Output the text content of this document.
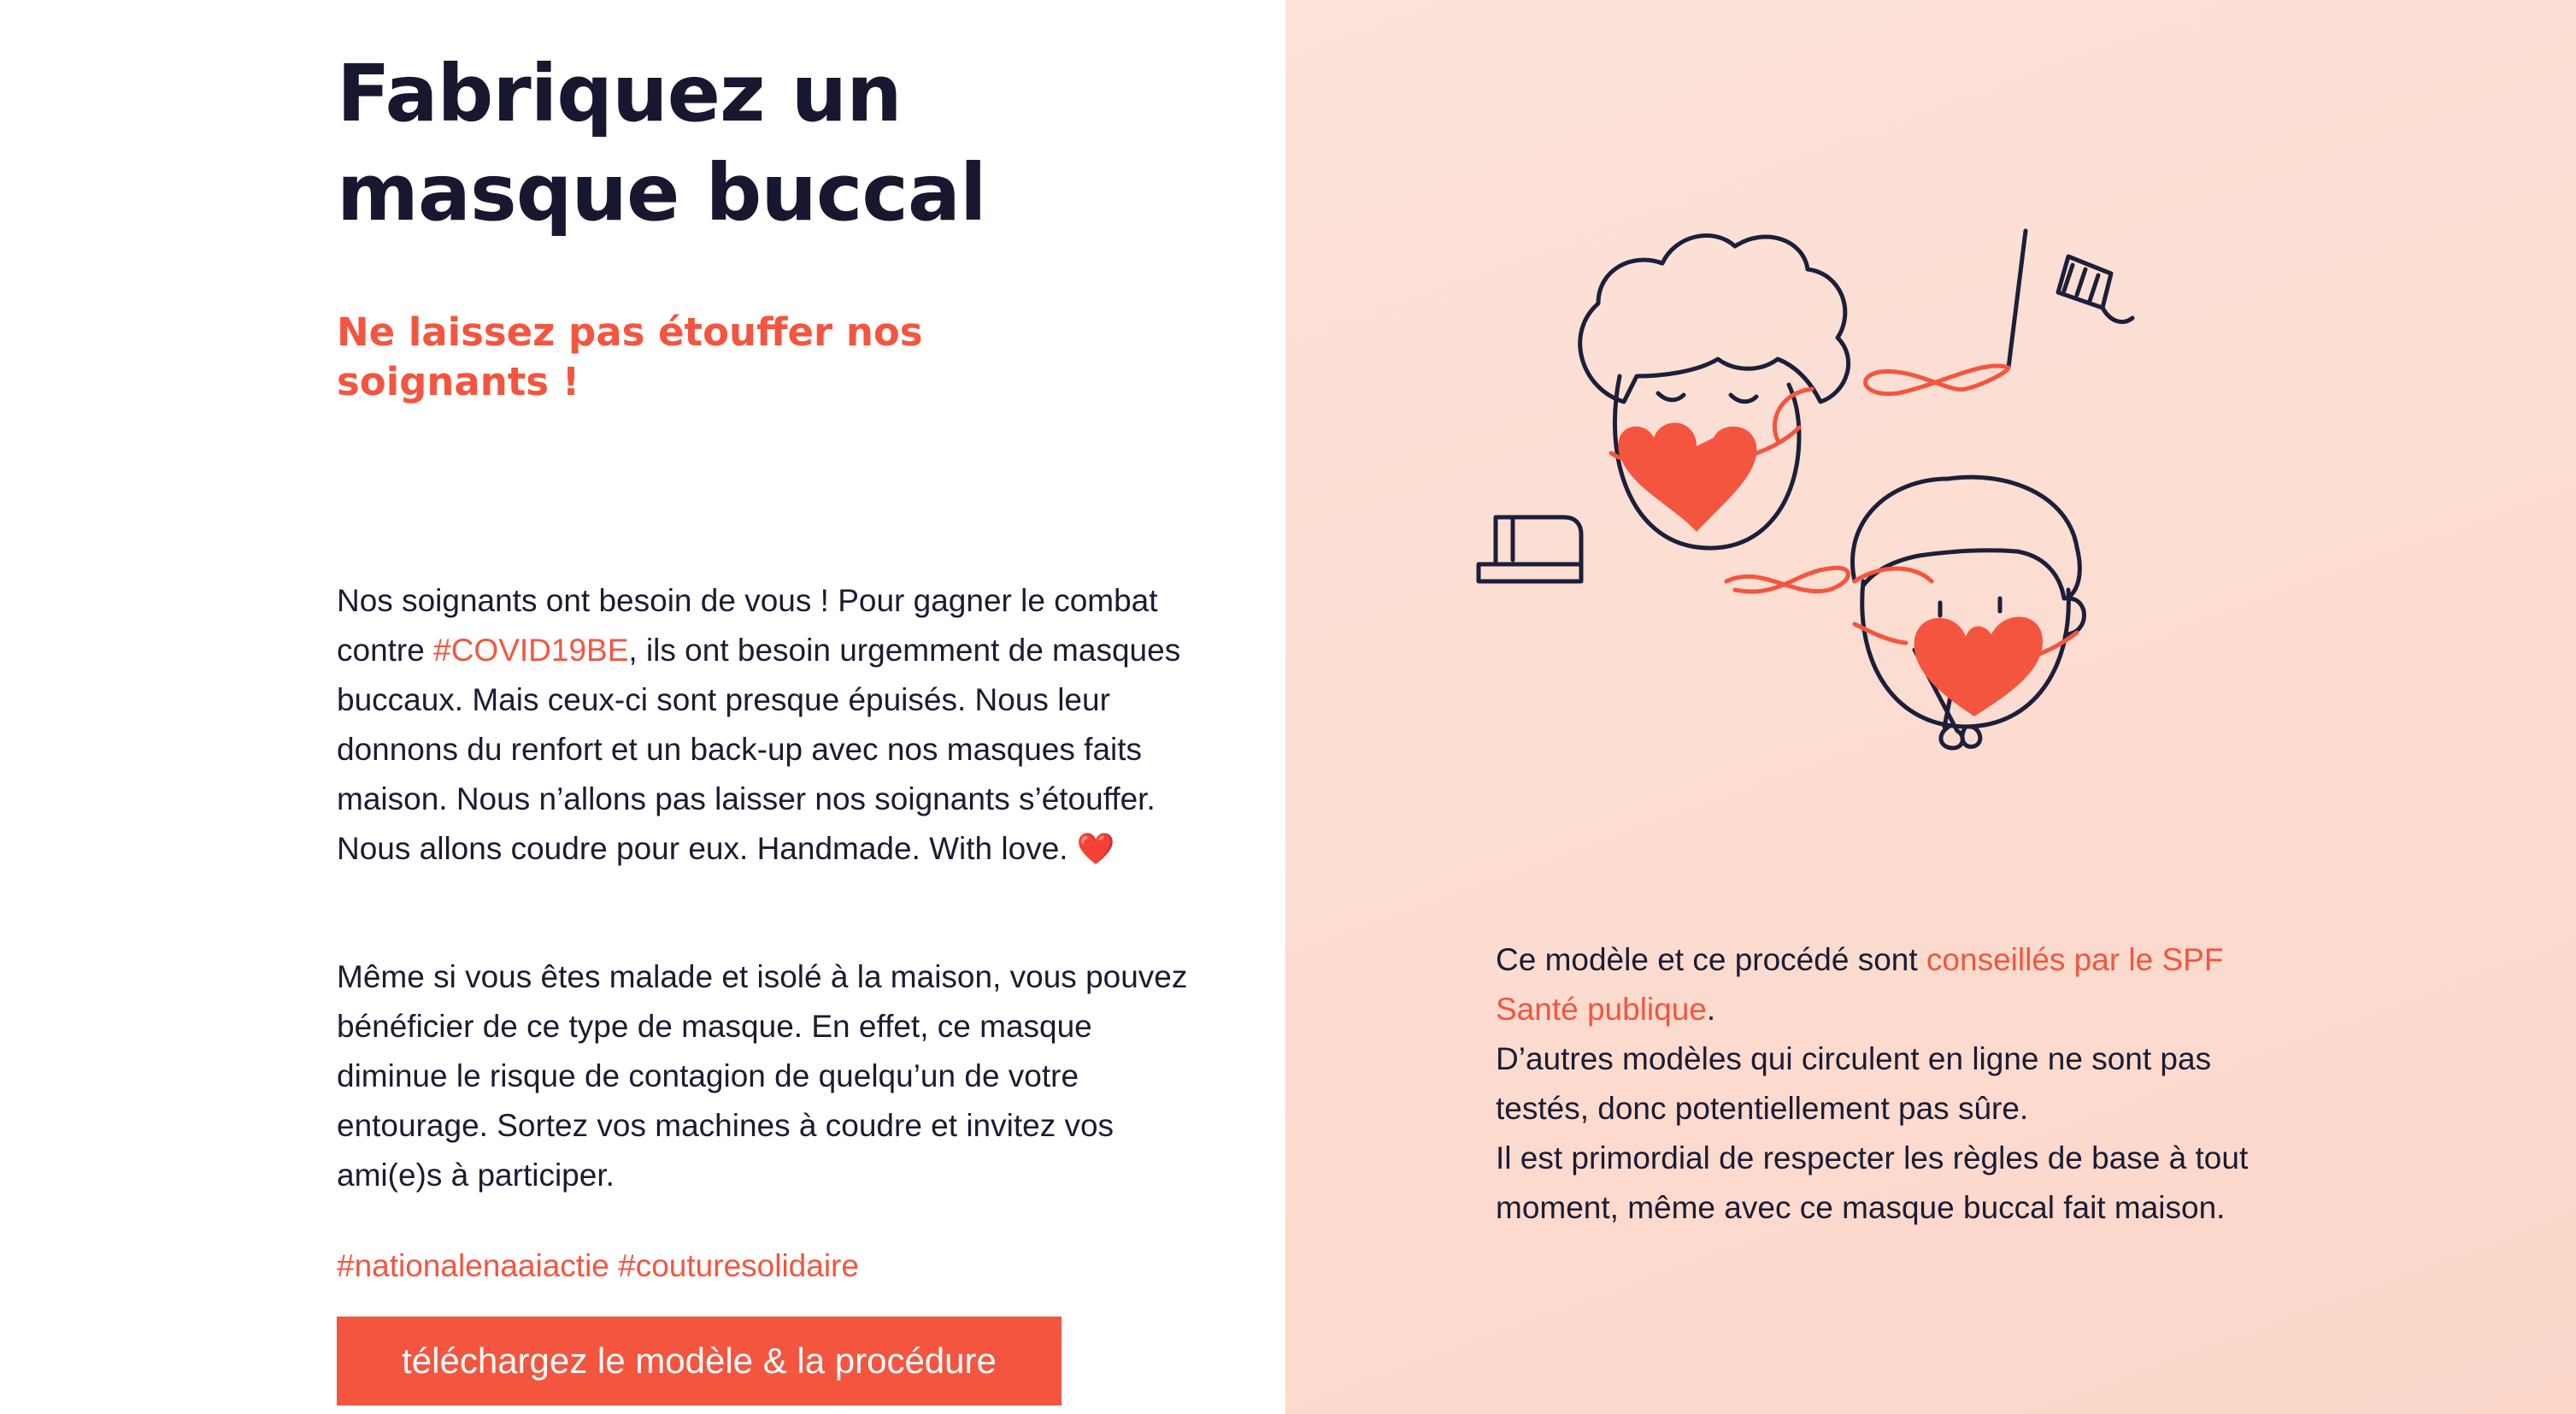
Fabriquez un masque buccal
Ne laissez pas étouffer nos soignants !

Nos soignants ont besoin de vous ! Pour gagner le combat contre #COVID19BE, ils ont besoin urgemment de masques buccaux. Mais ceux-ci sont presque épuisés. Nous leur donnons du renfort et un back-up avec nos masques faits maison. Nous n’allons pas laisser nos soignants s’étouffer. Nous allons coudre pour eux. Handmade. With love. ❤️

Même si vous êtes malade et isolé à la maison, vous pouvez bénéficier de ce type de masque. En effet, ce masque diminue le risque de contagion de quelqu’un de votre entourage. Sortez vos machines à coudre et invitez vos ami(e)s à participer.

#nationalenaaiactie #couturesolidaire

téléchargez le modèle & la procédure
Ce modèle et ce procédé sont conseillés par le SPF Santé publique.
D’autres modèles qui circulent en ligne ne sont pas testés, donc potentiellement pas sûre.
Il est primordial de respecter les règles de base à tout moment, même avec ce masque buccal fait maison.
